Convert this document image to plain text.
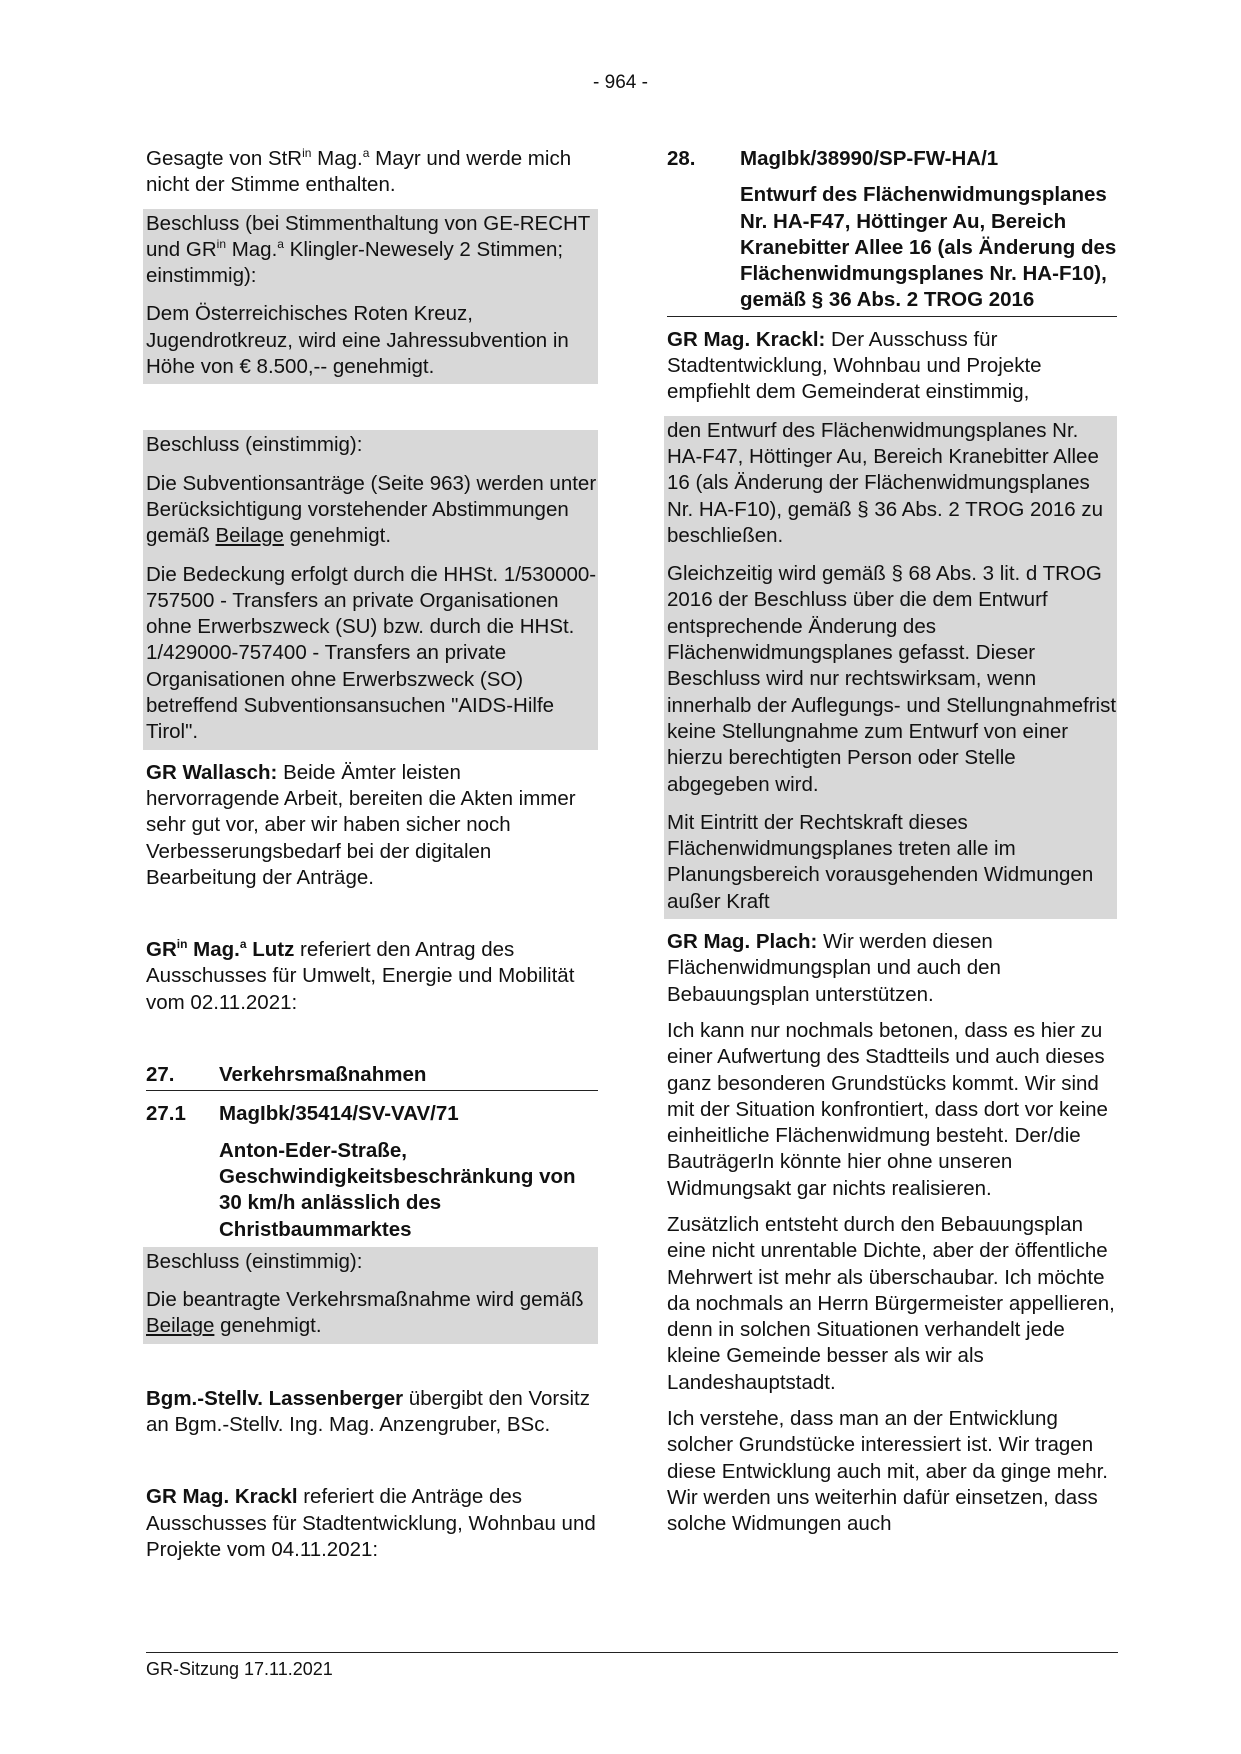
- 964 -

Gesagte von StR$^{in}$ Mag.$^a$ Mayr und werde mich nicht der Stimme enthalten.

Beschluss (bei Stimmenthaltung von GE-RECHT und $GR^{in}$ Mag.$^a$ Klingler-Newesely 2 Stimmen; einstimmig):

Dem Österreichisches Roten Kreuz, Jugendrotkreuz, wird eine Jahressubvention in Höhe von € 8.500,-- genehmigt.

Beschluss (einstimmig):

Die Subventionsanträge (Seite 963) werden unter Berücksichtigung vorstehender Abstimmungen gemäß Beilage genehmigt.

Die Bedeckung erfolgt durch die HHSt. 1/530000-757500 - Transfers an private Organisationen ohne Erwerbszweck (SU) bzw. durch die HHSt. 1/429000-757400 - Transfers an private Organisationen ohne Erwerbszweck (SO) betreffend Subventionsansuchen "AIDS-Hilfe Tirol".

GR Wallasch: Beide Ämter leisten hervorragende Arbeit, bereiten die Akten immer sehr gut vor, aber wir haben sicher noch Verbesserungsbedarf bei der digitalen Bearbeitung der Anträge.

$GR^{in}$ Mag.$^a$ Lutz referiert den Antrag des Ausschusses für Umwelt, Energie und Mobilität vom 02.11.2021:

27.	Verkehrsmaßnahmen
27.1	MagIbk/35414/SV-VAV/71

Anton-Eder-Straße, Geschwindigkeitsbeschränkung von 30 km/h anlässlich des Christbaummarktes

Beschluss (einstimmig):

Die beantragte Verkehrsmaßnahme wird gemäß Beilage genehmigt.

Bgm.-Stellv. Lassenberger übergibt den Vorsitz an Bgm.-Stellv. Ing. Mag. Anzengruber, BSc.

GR Mag. Krackl referiert die Anträge des Ausschusses für Stadtentwicklung, Wohnbau und Projekte vom 04.11.2021:

28.	MagIbk/38990/SP-FW-HA/1

Entwurf des Flächenwidmungsplanes Nr. HA-F47, Höttinger Au, Bereich Kranebitter Allee 16 (als Änderung des Flächenwidmungsplanes Nr. HA-F10), gemäß § 36 Abs. 2 TROG 2016

GR Mag. Krackl: Der Ausschuss für Stadtentwicklung, Wohnbau und Projekte empfiehlt dem Gemeinderat einstimmig,

den Entwurf des Flächenwidmungsplanes Nr. HA-F47, Höttinger Au, Bereich Kranebitter Allee 16 (als Änderung der Flächenwidmungsplanes Nr. HA-F10), gemäß § 36 Abs. 2 TROG 2016 zu beschließen.

Gleichzeitig wird gemäß § 68 Abs. 3 lit. d TROG 2016 der Beschluss über die dem Entwurf entsprechende Änderung des Flächenwidmungsplanes gefasst. Dieser Beschluss wird nur rechtswirksam, wenn innerhalb der Auflegungs- und Stellungnahmefrist keine Stellungnahme zum Entwurf von einer hierzu berechtigten Person oder Stelle abgegeben wird.

Mit Eintritt der Rechtskraft dieses Flächenwidmungsplanes treten alle im Planungsbereich vorausgehenden Widmungen außer Kraft

GR Mag. Plach: Wir werden diesen Flächenwidmungsplan und auch den Bebauungsplan unterstützen.

Ich kann nur nochmals betonen, dass es hier zu einer Aufwertung des Stadtteils und auch dieses ganz besonderen Grundstücks kommt. Wir sind mit der Situation konfrontiert, dass dort vor keine einheitliche Flächenwidmung besteht. Der/die BauträgerIn könnte hier ohne unseren Widmungsakt gar nichts realisieren.

Zusätzlich entsteht durch den Bebauungsplan eine nicht unrentable Dichte, aber der öffentliche Mehrwert ist mehr als überschaubar. Ich möchte da nochmals an Herrn Bürgermeister appellieren, denn in solchen Situationen verhandelt jede kleine Gemeinde besser als wir als Landeshauptstadt.

Ich verstehe, dass man an der Entwicklung solcher Grundstücke interessiert ist. Wir tragen diese Entwicklung auch mit, aber da ginge mehr. Wir werden uns weiterhin dafür einsetzen, dass solche Widmungen auch

GR-Sitzung 17.11.2021
